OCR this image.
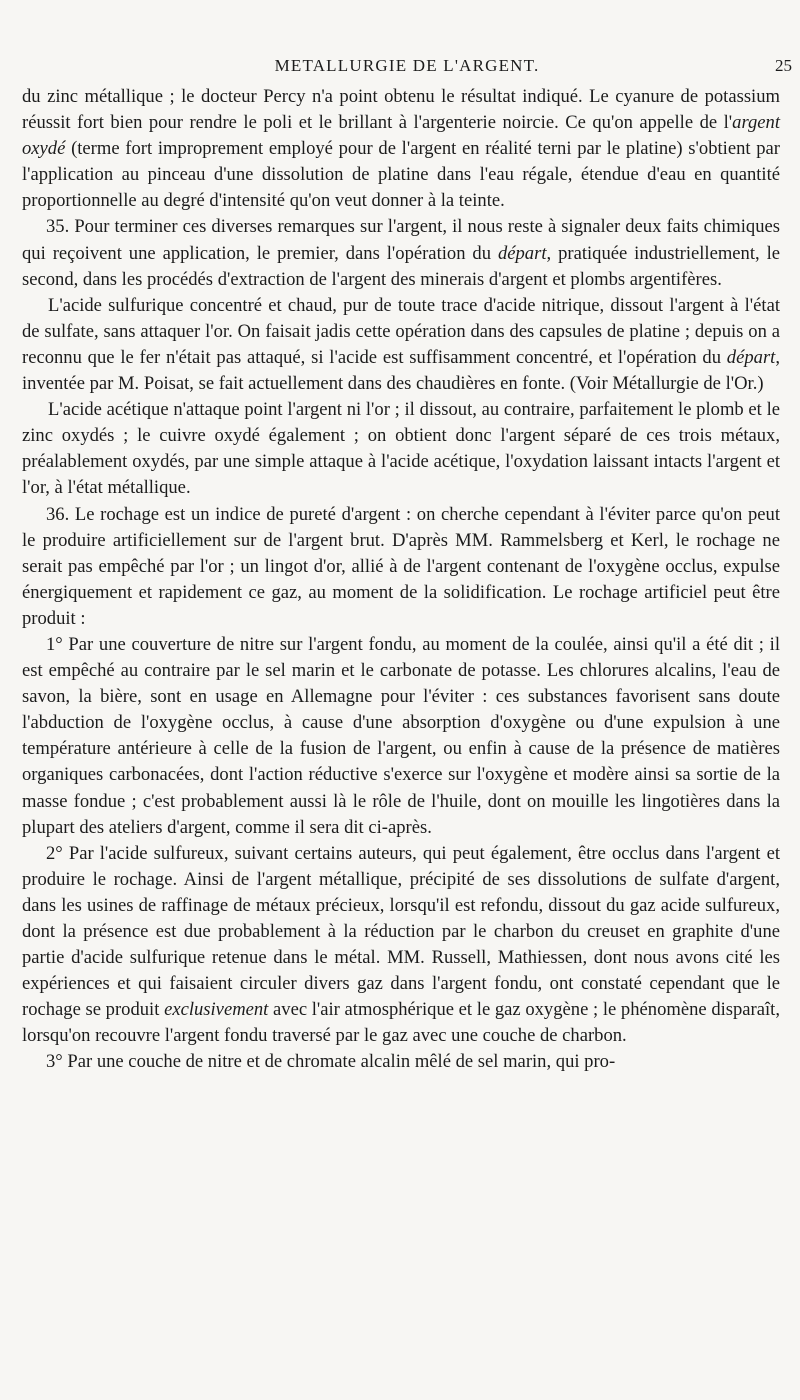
METALLURGIE DE L'ARGENT.	25

du zinc métallique ; le docteur Percy n'a point obtenu le résultat indiqué. Le cyanure de potassium réussit fort bien pour rendre le poli et le brillant à l'argenterie noircie. Ce qu'on appelle de l'argent oxydé (terme fort improprement employé pour de l'argent en réalité terni par le platine) s'obtient par l'application au pinceau d'une dissolution de platine dans l'eau régale, étendue d'eau en quantité proportionnelle au degré d'intensité qu'on veut donner à la teinte.

35. Pour terminer ces diverses remarques sur l'argent, il nous reste à signaler deux faits chimiques qui reçoivent une application, le premier, dans l'opération du départ, pratiquée industriellement, le second, dans les procédés d'extraction de l'argent des minerais d'argent et plombs argentifères.

L'acide sulfurique concentré et chaud, pur de toute trace d'acide nitrique, dissout l'argent à l'état de sulfate, sans attaquer l'or. On faisait jadis cette opération dans des capsules de platine ; depuis on a reconnu que le fer n'était pas attaqué, si l'acide est suffisamment concentré, et l'opération du départ, inventée par M. Poisat, se fait actuellement dans des chaudières en fonte. (Voir Métallurgie de l'Or.)

L'acide acétique n'attaque point l'argent ni l'or ; il dissout, au contraire, parfaitement le plomb et le zinc oxydés ; le cuivre oxydé également ; on obtient donc l'argent séparé de ces trois métaux, préalablement oxydés, par une simple attaque à l'acide acétique, l'oxydation laissant intacts l'argent et l'or, à l'état métallique.

36. Le rochage est un indice de pureté d'argent : on cherche cependant à l'éviter parce qu'on peut le produire artificiellement sur de l'argent brut. D'après MM. Rammelsberg et Kerl, le rochage ne serait pas empêché par l'or ; un lingot d'or, allié à de l'argent contenant de l'oxygène occlus, expulse énergiquement et rapidement ce gaz, au moment de la solidification. Le rochage artificiel peut être produit :

1° Par une couverture de nitre sur l'argent fondu, au moment de la coulée, ainsi qu'il a été dit ; il est empêché au contraire par le sel marin et le carbonate de potasse. Les chlorures alcalins, l'eau de savon, la bière, sont en usage en Allemagne pour l'éviter : ces substances favorisent sans doute l'abduction de l'oxygène occlus, à cause d'une absorption d'oxygène ou d'une expulsion à une température antérieure à celle de la fusion de l'argent, ou enfin à cause de la présence de matières organiques carbonacées, dont l'action réductive s'exerce sur l'oxygène et modère ainsi sa sortie de la masse fondue ; c'est probablement aussi là le rôle de l'huile, dont on mouille les lingotières dans la plupart des ateliers d'argent, comme il sera dit ci-après.

2° Par l'acide sulfureux, suivant certains auteurs, qui peut également, être occlus dans l'argent et produire le rochage. Ainsi de l'argent métallique, précipité de ses dissolutions de sulfate d'argent, dans les usines de raffinage de métaux précieux, lorsqu'il est refondu, dissout du gaz acide sulfureux, dont la présence est due probablement à la réduction par le charbon du creuset en graphite d'une partie d'acide sulfurique retenue dans le métal. MM. Russell, Mathiessen, dont nous avons cité les expériences et qui faisaient circuler divers gaz dans l'argent fondu, ont constaté cependant que le rochage se produit exclusivement avec l'air atmosphérique et le gaz oxygène ; le phénomène disparaît, lorsqu'on recouvre l'argent fondu traversé par le gaz avec une couche de charbon.

3° Par une couche de nitre et de chromate alcalin mêlé de sel marin, qui pro-
